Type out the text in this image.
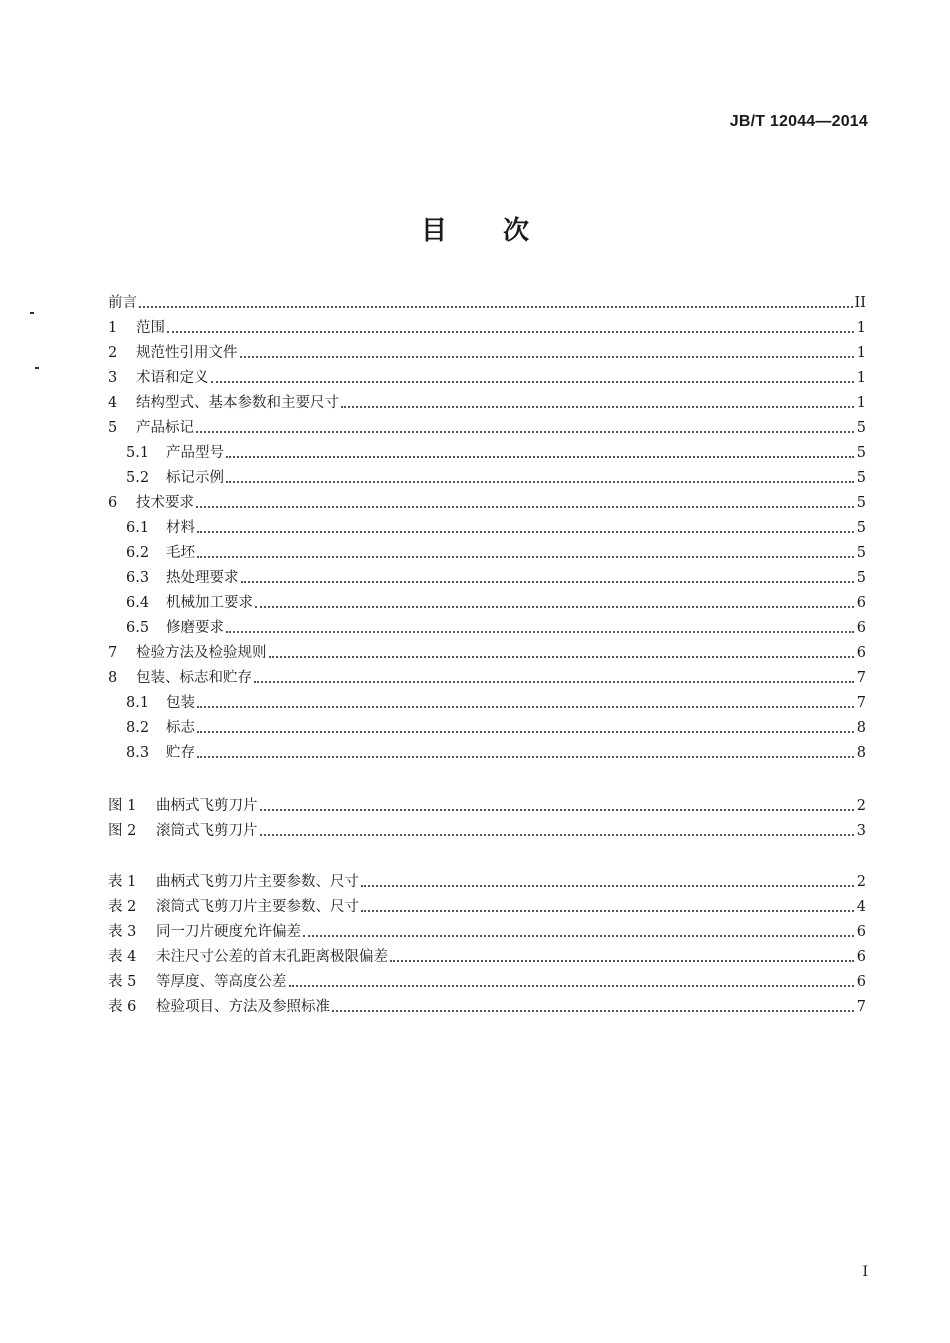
JB/T 12044—2014
目 次
前言	II
1	范围	1
2	规范性引用文件	1
3	术语和定义	1
4	结构型式、基本参数和主要尺寸	1
5	产品标记	5
5.1	产品型号	5
5.2	标记示例	5
6	技术要求	5
6.1	材料	5
6.2	毛坯	5
6.3	热处理要求	5
6.4	机械加工要求	6
6.5	修磨要求	6
7	检验方法及检验规则	6
8	包装、标志和贮存	7
8.1	包装	7
8.2	标志	8
8.3	贮存	8
图 1	曲柄式飞剪刀片	2
图 2	滚筒式飞剪刀片	3
表 1	曲柄式飞剪刀片主要参数、尺寸	2
表 2	滚筒式飞剪刀片主要参数、尺寸	4
表 3	同一刀片硬度允许偏差	6
表 4	未注尺寸公差的首末孔距离极限偏差	6
表 5	等厚度、等高度公差	6
表 6	检验项目、方法及参照标准	7
I
